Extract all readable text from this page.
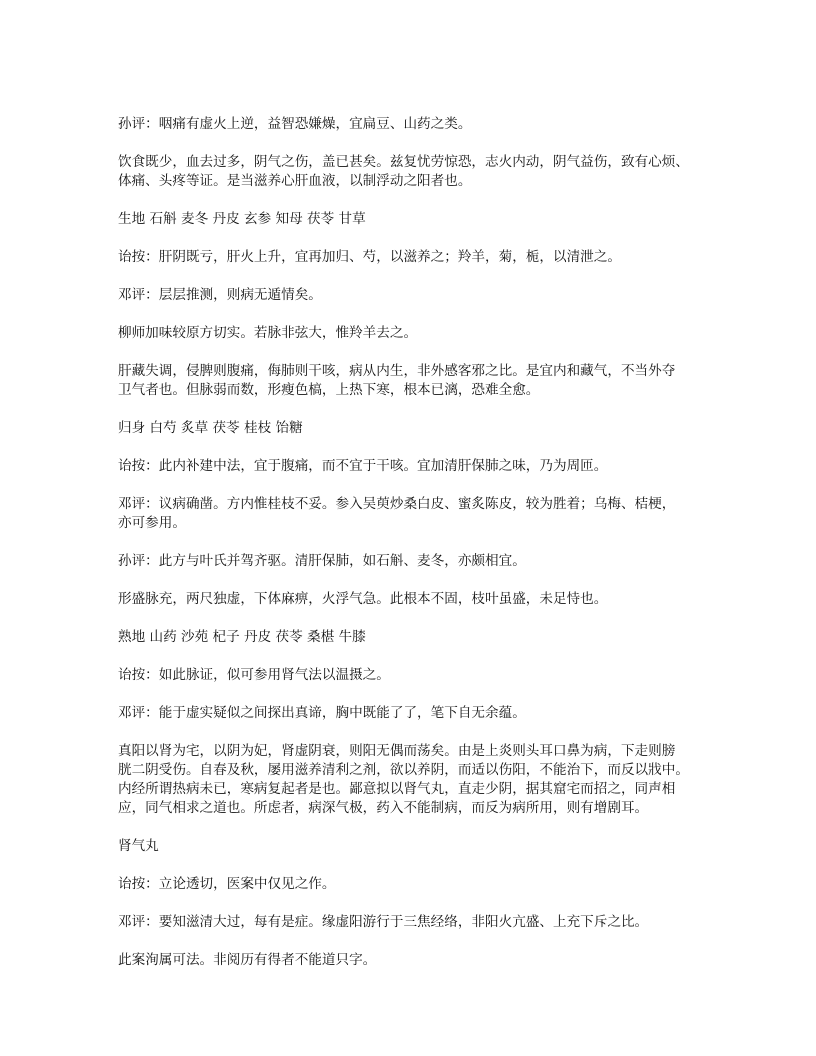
孙评：咽痛有虚火上逆，益智恐嫌燥，宜扁豆、山药之类。
饮食既少，血去过多，阴气之伤，盖已甚矣。兹复忧劳惊恐，志火内动，阴气益伤，致有心烦、
体痛、头疼等证。是当滋养心肝血液，以制浮动之阳者也。
生地 石斛 麦冬 丹皮 玄参 知母 茯苓 甘草
诒按：肝阴既亏，肝火上升，宜再加归、芍，以滋养之；羚羊，菊，栀，以清泄之。
邓评：层层推测，则病无遁情矣。
柳师加味较原方切实。若脉非弦大，惟羚羊去之。
肝藏失调，侵脾则腹痛，侮肺则干咳，病从内生，非外感客邪之比。是宜内和藏气，不当外夺
卫气者也。但脉弱而数，形瘦色槁，上热下寒，根本已漓，恐难全愈。
归身 白芍 炙草 茯苓 桂枝 饴糖
诒按：此内补建中法，宜于腹痛，而不宜于干咳。宜加清肝保肺之味，乃为周匝。
邓评：议病确凿。方内惟桂枝不妥。参入吴萸炒桑白皮、蜜炙陈皮，较为胜着；乌梅、桔梗，
亦可参用。
孙评：此方与叶氏并驾齐驱。清肝保肺，如石斛、麦冬，亦颇相宜。
形盛脉充，两尺独虚，下体麻痹，火浮气急。此根本不固，枝叶虽盛，未足恃也。
熟地 山药 沙苑 杞子 丹皮 茯苓 桑椹 牛膝
诒按：如此脉证，似可参用肾气法以温摄之。
邓评：能于虚实疑似之间探出真谛，胸中既能了了，笔下自无余蕴。
真阳以肾为宅，以阴为妃，肾虚阴衰，则阳无偶而荡矣。由是上炎则头耳口鼻为病，下走则膀
胱二阴受伤。自春及秋，屡用滋养清利之剂，欲以养阴，而适以伤阳，不能治下，而反以戕中。
内经所谓热病未已，寒病复起者是也。鄙意拟以肾气丸，直走少阴，据其窟宅而招之，同声相
应，同气相求之道也。所虑者，病深气极，药入不能制病，而反为病所用，则有增剧耳。
肾气丸
诒按：立论透切，医案中仅见之作。
邓评：要知滋清大过，每有是症。缘虚阳游行于三焦经络，非阳火亢盛、上充下斥之比。
此案洵属可法。非阅历有得者不能道只字。
